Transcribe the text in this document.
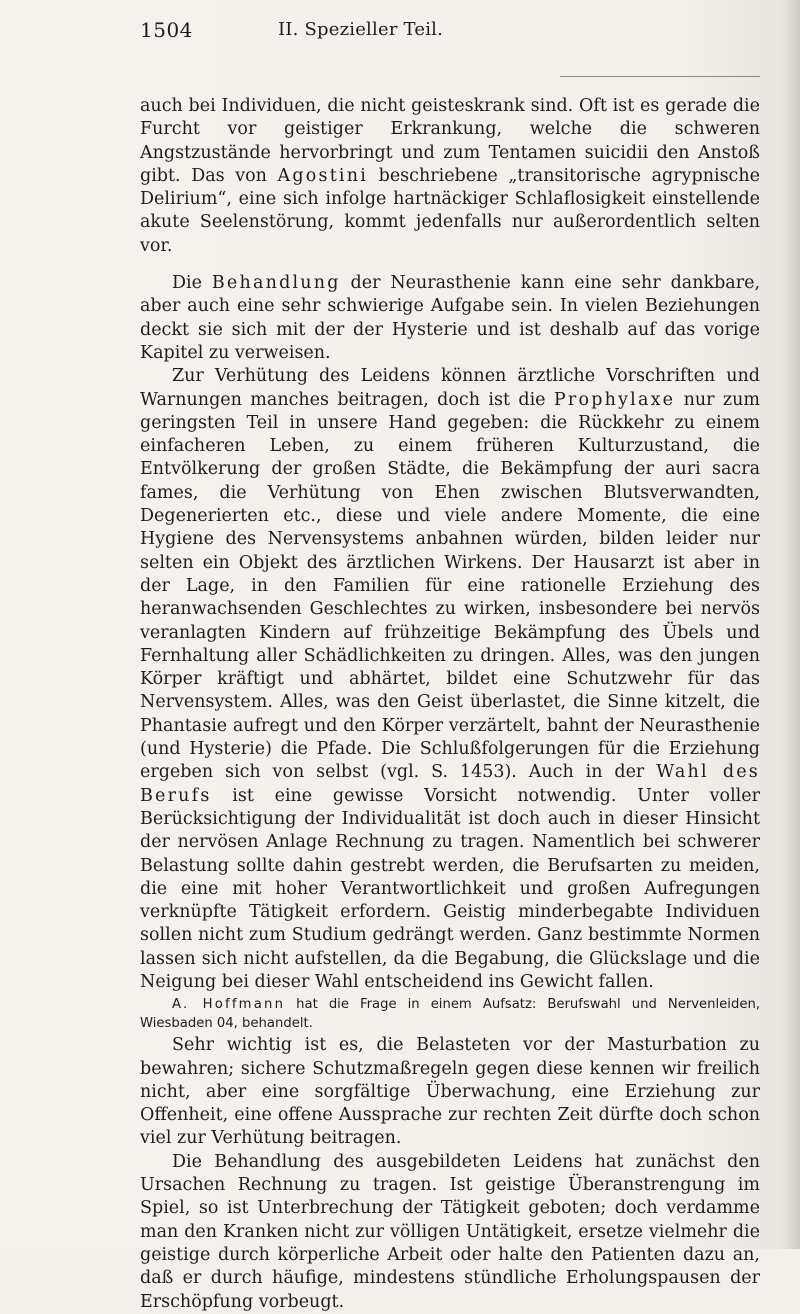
1504	II. Spezieller Teil.

auch bei Individuen, die nicht geisteskrank sind. Oft ist es gerade die Furcht vor geistiger Erkrankung, welche die schweren Angstzustände hervorbringt und zum Tentamen suicidii den Anstoß gibt. Das von Agostini beschriebene „transitorische agrypnische Delirium“, eine sich infolge hartnäckiger Schlaflosigkeit einstellende akute Seelenstörung, kommt jedenfalls nur außerordentlich selten vor.

Die Behandlung der Neurasthenie kann eine sehr dankbare, aber auch eine sehr schwierige Aufgabe sein. In vielen Beziehungen deckt sie sich mit der der Hysterie und ist deshalb auf das vorige Kapitel zu verweisen.

Zur Verhütung des Leidens können ärztliche Vorschriften und Warnungen manches beitragen, doch ist die Prophylaxe nur zum geringsten Teil in unsere Hand gegeben: die Rückkehr zu einem einfacheren Leben, zu einem früheren Kulturzustand, die Entvölkerung der großen Städte, die Bekämpfung der auri sacra fames, die Verhütung von Ehen zwischen Blutsverwandten, Degenerierten etc., diese und viele andere Momente, die eine Hygiene des Nervensystems anbahnen würden, bilden leider nur selten ein Objekt des ärztlichen Wirkens. Der Hausarzt ist aber in der Lage, in den Familien für eine rationelle Erziehung des heranwachsenden Geschlechtes zu wirken, insbesondere bei nervös veranlagten Kindern auf frühzeitige Bekämpfung des Übels und Fernhaltung aller Schädlichkeiten zu dringen. Alles, was den jungen Körper kräftigt und abhärtet, bildet eine Schutzwehr für das Nervensystem. Alles, was den Geist überlastet, die Sinne kitzelt, die Phantasie aufregt und den Körper verzärtelt, bahnt der Neurasthenie (und Hysterie) die Pfade. Die Schlußfolgerungen für die Erziehung ergeben sich von selbst (vgl. S. 1453). Auch in der Wahl des Berufs ist eine gewisse Vorsicht notwendig. Unter voller Berücksichtigung der Individualität ist doch auch in dieser Hinsicht der nervösen Anlage Rechnung zu tragen. Namentlich bei schwerer Belastung sollte dahin gestrebt werden, die Berufsarten zu meiden, die eine mit hoher Verantwortlichkeit und großen Aufregungen verknüpfte Tätigkeit erfordern. Geistig minderbegabte Individuen sollen nicht zum Studium gedrängt werden. Ganz bestimmte Normen lassen sich nicht aufstellen, da die Begabung, die Glückslage und die Neigung bei dieser Wahl entscheidend ins Gewicht fallen.

A. Hoffmann hat die Frage in einem Aufsatz: Berufswahl und Nervenleiden, Wiesbaden 04, behandelt.

Sehr wichtig ist es, die Belasteten vor der Masturbation zu bewahren; sichere Schutzmaßregeln gegen diese kennen wir freilich nicht, aber eine sorgfältige Überwachung, eine Erziehung zur Offenheit, eine offene Aussprache zur rechten Zeit dürfte doch schon viel zur Verhütung beitragen.

Die Behandlung des ausgebildeten Leidens hat zunächst den Ursachen Rechnung zu tragen. Ist geistige Überanstrengung im Spiel, so ist Unterbrechung der Tätigkeit geboten; doch verdamme man den Kranken nicht zur völligen Untätigkeit, ersetze vielmehr die geistige durch körperliche Arbeit oder halte den Patienten dazu an, daß er durch häufige, mindestens stündliche Erholungspausen der Erschöpfung vorbeugt.
